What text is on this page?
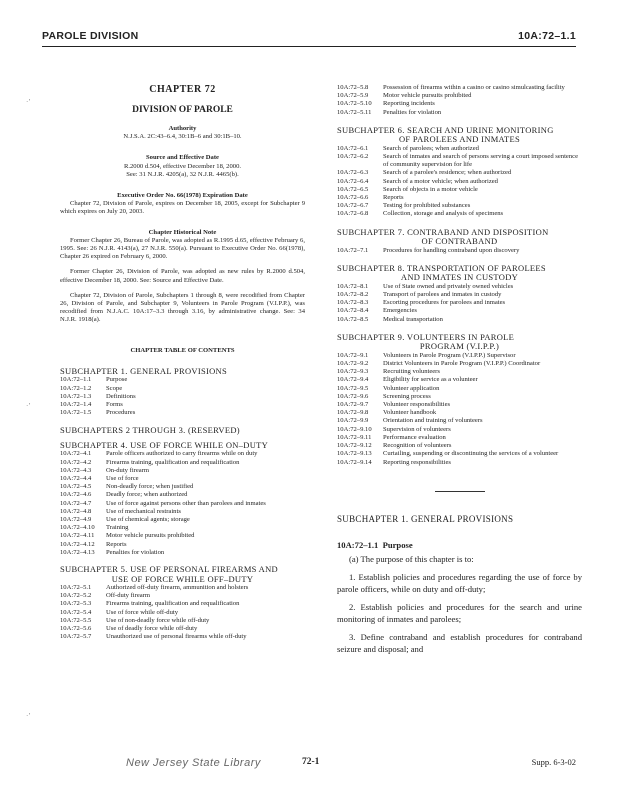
PAROLE DIVISION	10A:72–1.1
·’
·’
·’
CHAPTER 72
DIVISION OF PAROLE
Authority
N.J.S.A. 2C:43–6.4, 30:1B–6 and 30:1B–10.
Source and Effective Date
R.2000 d.504, effective December 18, 2000.
See: 31 N.J.R. 4205(a), 32 N.J.R. 4465(b).
Executive Order No. 66(1978) Expiration Date

Chapter 72, Division of Parole, expires on December 18, 2005, except for Subchapter 9 which expires on July 20, 2003.

Chapter Historical Note

Former Chapter 26, Bureau of Parole, was adopted as R.1995 d.65, effective February 6, 1995. See: 26 N.J.R. 4143(a), 27 N.J.R. 550(a). Pursuant to Executive Order No. 66(1978), Chapter 26 expired on February 6, 2000.

Former Chapter 26, Division of Parole, was adopted as new rules by R.2000 d.504, effective December 18, 2000. See: Source and Effective Date.

Chapter 72, Division of Parole, Subchapters 1 through 8, were recodified from Chapter 26, Division of Parole, and Subchapter 9, Volunteers in Parole Program (V.I.P.P.), was recodified from N.J.A.C. 10A:17–3.3 through 3.16, by administrative change. See: 34 N.J.R. 1918(a).

CHAPTER TABLE OF CONTENTS
SUBCHAPTER 1. GENERAL PROVISIONS
10A:72–1.1	Purpose
10A:72–1.2	Scope
10A:72–1.3	Definitions
10A:72–1.4	Forms
10A:72–1.5	Procedures
SUBCHAPTERS 2 THROUGH 3. (RESERVED)
SUBCHAPTER 4. USE OF FORCE WHILE ON–DUTY
10A:72–4.1	Parole officers authorized to carry firearms while on duty
10A:72–4.2	Firearms training, qualification and requalification
10A:72–4.3	On-duty firearm
10A:72–4.4	Use of force
10A:72–4.5	Non-deadly force; when justified
10A:72–4.6	Deadly force; when authorized
10A:72–4.7	Use of force against persons other than parolees and inmates
10A:72–4.8	Use of mechanical restraints
10A:72–4.9	Use of chemical agents; storage
10A:72–4.10	Training
10A:72–4.11	Motor vehicle pursuits prohibited
10A:72–4.12	Reports
10A:72–4.13	Penalties for violation
SUBCHAPTER 5. USE OF PERSONAL FIREARMS AND
USE OF FORCE WHILE OFF–DUTY
10A:72–5.1	Authorized off-duty firearm, ammunition and holsters
10A:72–5.2	Off-duty firearm
10A:72–5.3	Firearms training, qualification and requalification
10A:72–5.4	Use of force while off-duty
10A:72–5.5	Use of non-deadly force while off-duty
10A:72–5.6	Use of deadly force while off-duty
10A:72–5.7	Unauthorized use of personal firearms while off-duty
10A:72–5.8	Possession of firearms within a casino or casino simulcasting facility
10A:72–5.9	Motor vehicle pursuits prohibited
10A:72–5.10	Reporting incidents
10A:72–5.11	Penalties for violation
SUBCHAPTER 6. SEARCH AND URINE MONITORING
OF PAROLEES AND INMATES
10A:72–6.1	Search of parolees; when authorized
10A:72–6.2	Search of inmates and search of persons serving a court imposed sentence of community supervision for life
10A:72–6.3	Search of a parolee's residence; when authorized
10A:72–6.4	Search of a motor vehicle; when authorized
10A:72–6.5	Search of objects in a motor vehicle
10A:72–6.6	Reports
10A:72–6.7	Testing for prohibited substances
10A:72–6.8	Collection, storage and analysis of specimens
SUBCHAPTER 7. CONTRABAND AND DISPOSITION
OF CONTRABAND
10A:72–7.1	Procedures for handling contraband upon discovery
SUBCHAPTER 8. TRANSPORTATION OF PAROLEES
AND INMATES IN CUSTODY
10A:72–8.1	Use of State owned and privately owned vehicles
10A:72–8.2	Transport of parolees and inmates in custody
10A:72–8.3	Escorting procedures for parolees and inmates
10A:72–8.4	Emergencies
10A:72–8.5	Medical transportation
SUBCHAPTER 9. VOLUNTEERS IN PAROLE
PROGRAM (V.I.P.P.)
10A:72–9.1	Volunteers in Parole Program (V.I.P.P.) Supervisor
10A:72–9.2	District Volunteers in Parole Program (V.I.P.P.) Coordinator
10A:72–9.3	Recruiting volunteers
10A:72–9.4	Eligibility for service as a volunteer
10A:72–9.5	Volunteer application
10A:72–9.6	Screening process
10A:72–9.7	Volunteer responsibilities
10A:72–9.8	Volunteer handbook
10A:72–9.9	Orientation and training of volunteers
10A:72–9.10	Supervision of volunteers
10A:72–9.11	Performance evaluation
10A:72–9.12	Recognition of volunteers
10A:72–9.13	Curtailing, suspending or discontinuing the services of a volunteer
10A:72–9.14	Reporting responsibilities
SUBCHAPTER 1. GENERAL PROVISIONS
10A:72–1.1 Purpose

(a) The purpose of this chapter is to:

1. Establish policies and procedures regarding the use of force by parole officers, while on duty and off-duty;

2. Establish policies and procedures for the search and urine monitoring of inmates and parolees;

3. Define contraband and establish procedures for contraband seizure and disposal; and

New Jersey State Library	72-1	Supp. 6-3-02
